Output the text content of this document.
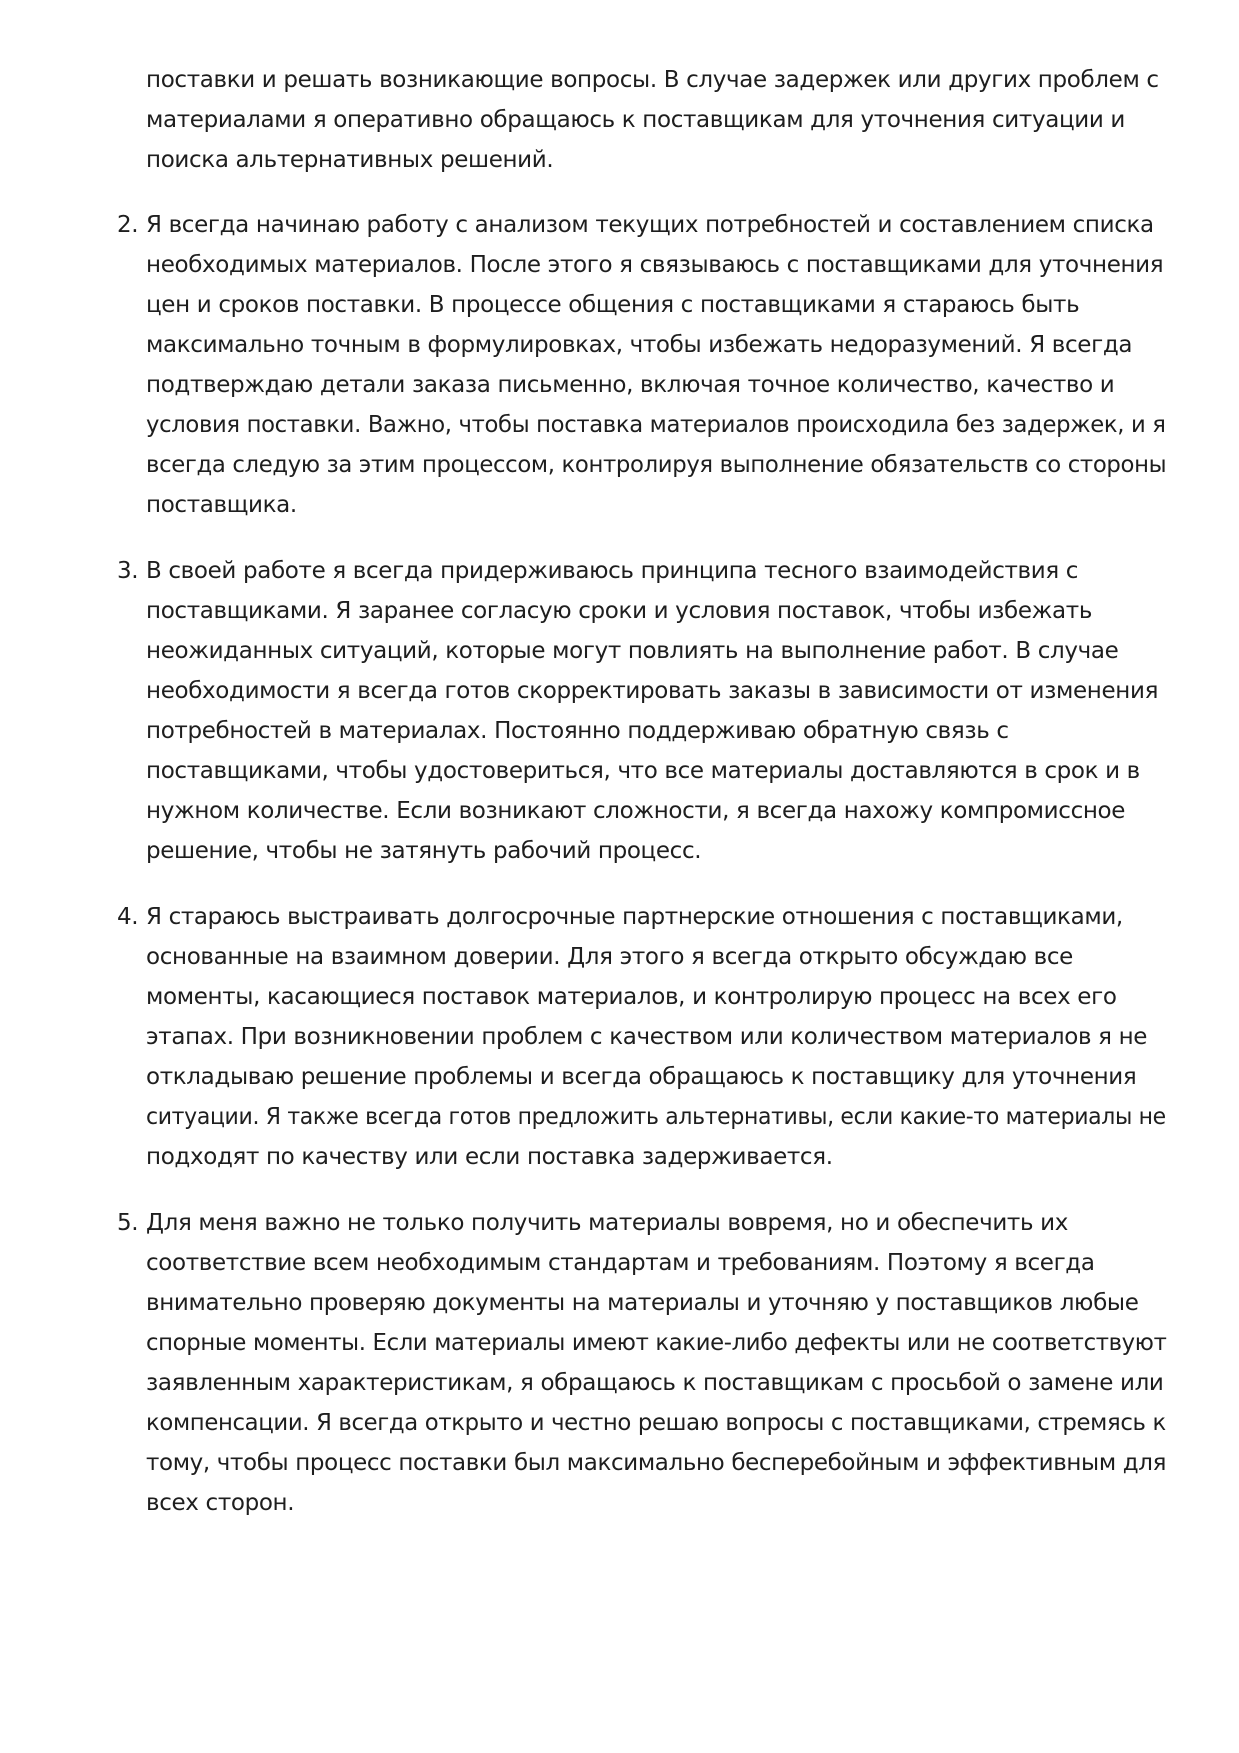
поставки и решать возникающие вопросы. В случае задержек или других проблем с
материалами я оперативно обращаюсь к поставщикам для уточнения ситуации и
поиска альтернативных решений.
2. Я всегда начинаю работу с анализом текущих потребностей и составлением списка
необходимых материалов. После этого я связываюсь с поставщиками для уточнения
цен и сроков поставки. В процессе общения с поставщиками я стараюсь быть
максимально точным в формулировках, чтобы избежать недоразумений. Я всегда
подтверждаю детали заказа письменно, включая точное количество, качество и
условия поставки. Важно, чтобы поставка материалов происходила без задержек, и я
всегда следую за этим процессом, контролируя выполнение обязательств со стороны
поставщика.
3. В своей работе я всегда придерживаюсь принципа тесного взаимодействия с
поставщиками. Я заранее согласую сроки и условия поставок, чтобы избежать
неожиданных ситуаций, которые могут повлиять на выполнение работ. В случае
необходимости я всегда готов скорректировать заказы в зависимости от изменения
потребностей в материалах. Постоянно поддерживаю обратную связь с
поставщиками, чтобы удостовериться, что все материалы доставляются в срок и в
нужном количестве. Если возникают сложности, я всегда нахожу компромиссное
решение, чтобы не затянуть рабочий процесс.
4. Я стараюсь выстраивать долгосрочные партнерские отношения с поставщиками,
основанные на взаимном доверии. Для этого я всегда открыто обсуждаю все
моменты, касающиеся поставок материалов, и контролирую процесс на всех его
этапах. При возникновении проблем с качеством или количеством материалов я не
откладываю решение проблемы и всегда обращаюсь к поставщику для уточнения
ситуации. Я также всегда готов предложить альтернативы, если какие-то материалы не
подходят по качеству или если поставка задерживается.
5. Для меня важно не только получить материалы вовремя, но и обеспечить их
соответствие всем необходимым стандартам и требованиям. Поэтому я всегда
внимательно проверяю документы на материалы и уточняю у поставщиков любые
спорные моменты. Если материалы имеют какие-либо дефекты или не соответствуют
заявленным характеристикам, я обращаюсь к поставщикам с просьбой о замене или
компенсации. Я всегда открыто и честно решаю вопросы с поставщиками, стремясь к
тому, чтобы процесс поставки был максимально бесперебойным и эффективным для
всех сторон.
